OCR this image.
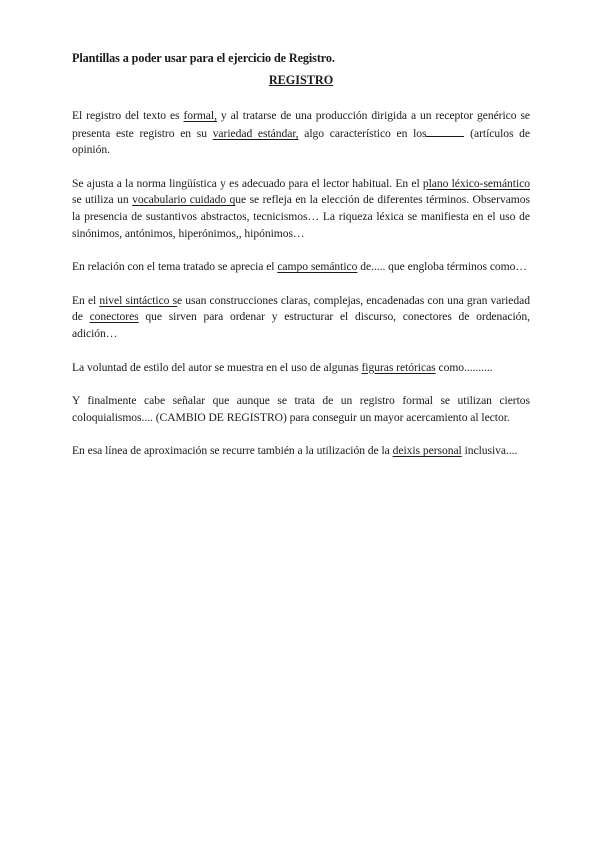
Plantillas a poder usar para el ejercicio de Registro.

REGISTRO

El registro del texto es formal, y al tratarse de una producción dirigida a un receptor genérico se presenta este registro en su variedad estándar, algo característico en los	(artículos de opinión.

Se ajusta a la norma lingüística y es adecuado para el lector habitual. En el plano léxico-semántico se utiliza un vocabulario cuidado que se refleja en la elección de diferentes términos. Observamos la presencia de sustantivos abstractos, tecnicismos… La riqueza léxica se manifiesta en el uso de sinónimos, antónimos, hiperónimos,, hipónimos…

En relación con el tema tratado se aprecia el campo semántico de..... que engloba términos como…

En el nivel sintáctico se usan construcciones claras, complejas, encadenadas con una gran variedad de conectores que sirven para ordenar y estructurar el discurso, conectores de ordenación, adición…

La voluntad de estilo del autor se muestra en el uso de algunas figuras retóricas como..........

Y finalmente cabe señalar que aunque se trata de un registro formal se utilizan ciertos coloquialismos.... (CAMBIO DE REGISTRO) para conseguir un mayor acercamiento al lector.

En esa línea de aproximación se recurre también a la utilización de la deixis personal inclusiva....
